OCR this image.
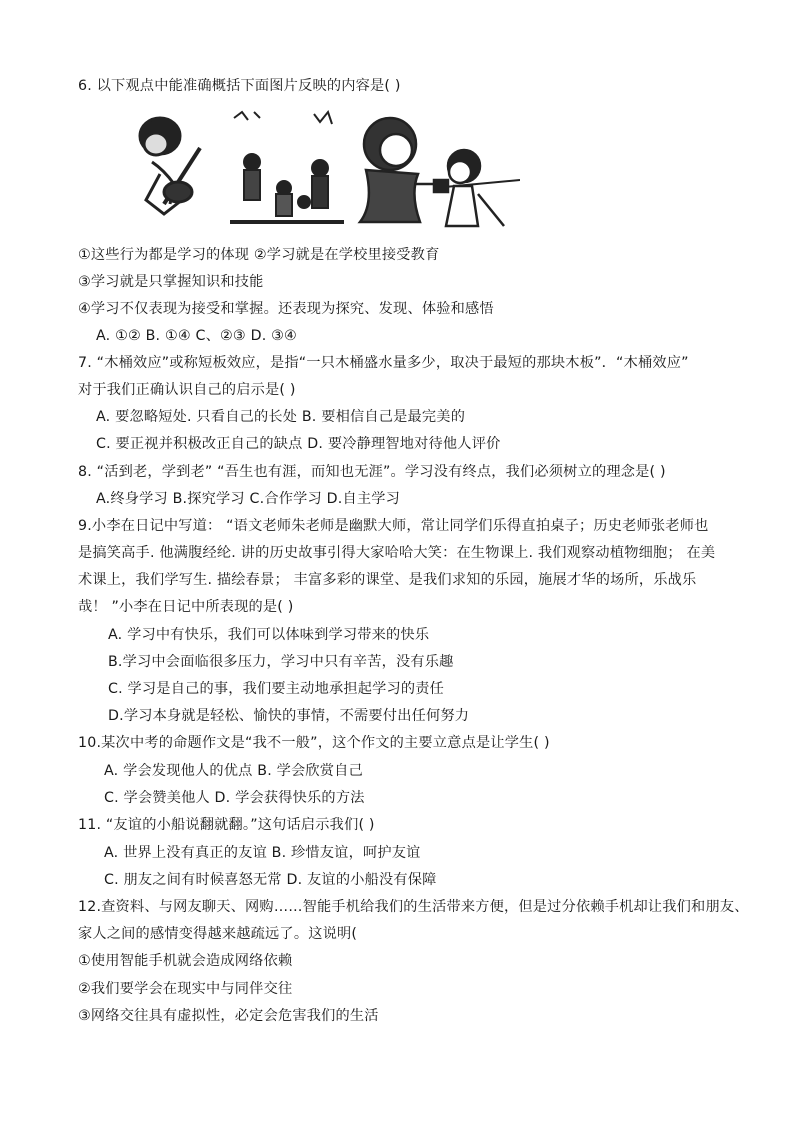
6. 以下观点中能准确概括下面图片反映的内容是( )
①这些行为都是学习的体现 ②学习就是在学校里接受教育
③学习就是只掌握知识和技能
④学习不仅表现为接受和掌握。还表现为探究、发现、体验和感悟
A. ①② B. ①④ C、②③ D. ③④
7. “木桶效应”或称短板效应，是指“一只木桶盛水量多少，取决于最短的那块木板”．“木桶效应”
对于我们正确认识自己的启示是( )
A. 要忽略短处. 只看自己的长处 B. 要相信自己是最完美的
C. 要正视并积极改正自己的缺点 D. 要冷静理智地对待他人评价
8. “活到老，学到老” “吾生也有涯，而知也无涯”。学习没有终点，我们必须树立的理念是( )
A.终身学习 B.探究学习 C.合作学习 D.自主学习
9.小李在日记中写道： “语文老师朱老师是幽默大师，常让同学们乐得直拍桌子；历史老师张老师也
是搞笑高手. 他满腹经纶. 讲的历史故事引得大家哈哈大笑：在生物课上. 我们观察动植物细胞； 在美
术课上，我们学写生. 描绘春景； 丰富多彩的课堂、是我们求知的乐园，施展才华的场所，乐战乐
哉！ ”小李在日记中所表现的是( )
A. 学习中有快乐，我们可以体味到学习带来的快乐
B.学习中会面临很多压力，学习中只有辛苦，没有乐趣
C. 学习是自己的事，我们要主动地承担起学习的责任
D.学习本身就是轻松、愉快的事情，不需要付出任何努力
10.某次中考的命题作文是“我不一般”，这个作文的主要立意点是让学生( )
A. 学会发现他人的优点 B. 学会欣赏自己
C. 学会赞美他人 D. 学会获得快乐的方法
11. “友谊的小船说翻就翻。”这句话启示我们( )
A. 世界上没有真正的友谊 B. 珍惜友谊，呵护友谊
C. 朋友之间有时候喜怒无常 D. 友谊的小船没有保障
12.查资料、与网友聊天、网购……智能手机给我们的生活带来方便，但是过分依赖手机却让我们和朋友、
家人之间的感情变得越来越疏远了。这说明(
①使用智能手机就会造成网络依赖
②我们要学会在现实中与同伴交往
③网络交往具有虚拟性，必定会危害我们的生活
